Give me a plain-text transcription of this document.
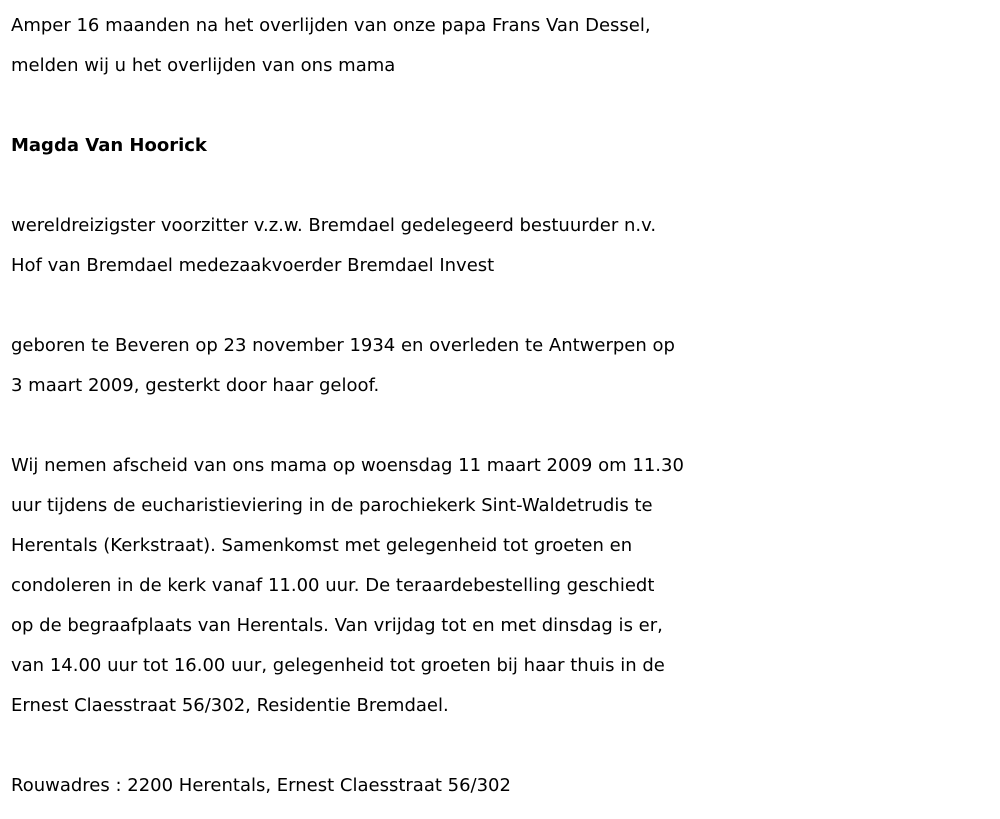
Amper 16 maanden na het overlijden van onze papa Frans Van Dessel,
melden wij u het overlijden van ons mama
Magda Van Hoorick
wereldreizigster voorzitter v.z.w. Bremdael gedelegeerd bestuurder n.v.
Hof van Bremdael medezaakvoerder Bremdael Invest
geboren te Beveren op 23 november 1934 en overleden te Antwerpen op
3 maart 2009, gesterkt door haar geloof.
Wij nemen afscheid van ons mama op woensdag 11 maart 2009 om 11.30
uur tijdens de eucharistieviering in de parochiekerk Sint-Waldetrudis te
Herentals (Kerkstraat). Samenkomst met gelegenheid tot groeten en
condoleren in de kerk vanaf 11.00 uur. De teraardebestelling geschiedt
op de begraafplaats van Herentals. Van vrijdag tot en met dinsdag is er,
van 14.00 uur tot 16.00 uur, gelegenheid tot groeten bij haar thuis in de
Ernest Claesstraat 56/302, Residentie Bremdael.
Rouwadres : 2200 Herentals, Ernest Claesstraat 56/302
